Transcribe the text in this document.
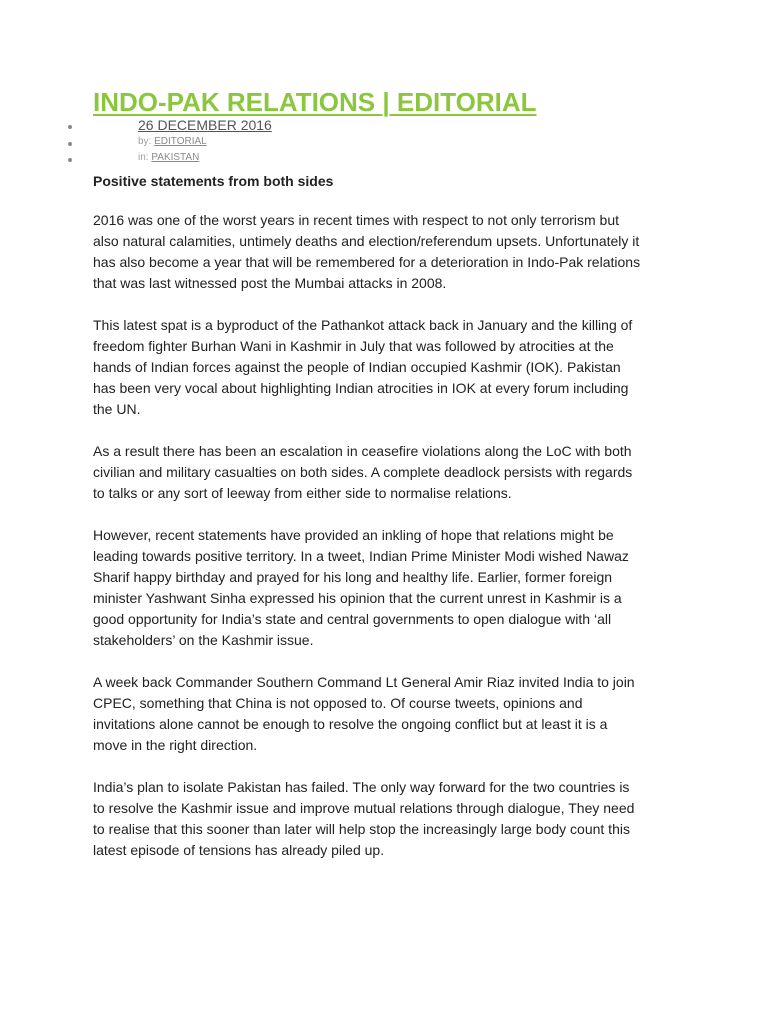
INDO-PAK RELATIONS | EDITORIAL
26 DECEMBER 2016
by: EDITORIAL
in: PAKISTAN

Positive statements from both sides

2016 was one of the worst years in recent times with respect to not only terrorism but
also natural calamities, untimely deaths and election/referendum upsets. Unfortunately it
has also become a year that will be remembered for a deterioration in Indo-Pak relations
that was last witnessed post the Mumbai attacks in 2008.

This latest spat is a byproduct of the Pathankot attack back in January and the killing of
freedom fighter Burhan Wani in Kashmir in July that was followed by atrocities at the
hands of Indian forces against the people of Indian occupied Kashmir (IOK). Pakistan
has been very vocal about highlighting Indian atrocities in IOK at every forum including
the UN.

As a result there has been an escalation in ceasefire violations along the LoC with both
civilian and military casualties on both sides. A complete deadlock persists with regards
to talks or any sort of leeway from either side to normalise relations.

However, recent statements have provided an inkling of hope that relations might be
leading towards positive territory. In a tweet, Indian Prime Minister Modi wished Nawaz
Sharif happy birthday and prayed for his long and healthy life. Earlier, former foreign
minister Yashwant Sinha expressed his opinion that the current unrest in Kashmir is a
good opportunity for India’s state and central governments to open dialogue with ‘all
stakeholders’ on the Kashmir issue.

A week back Commander Southern Command Lt General Amir Riaz invited India to join
CPEC, something that China is not opposed to. Of course tweets, opinions and
invitations alone cannot be enough to resolve the ongoing conflict but at least it is a
move in the right direction.

India’s plan to isolate Pakistan has failed. The only way forward for the two countries is
to resolve the Kashmir issue and improve mutual relations through dialogue, They need
to realise that this sooner than later will help stop the increasingly large body count this
latest episode of tensions has already piled up.
